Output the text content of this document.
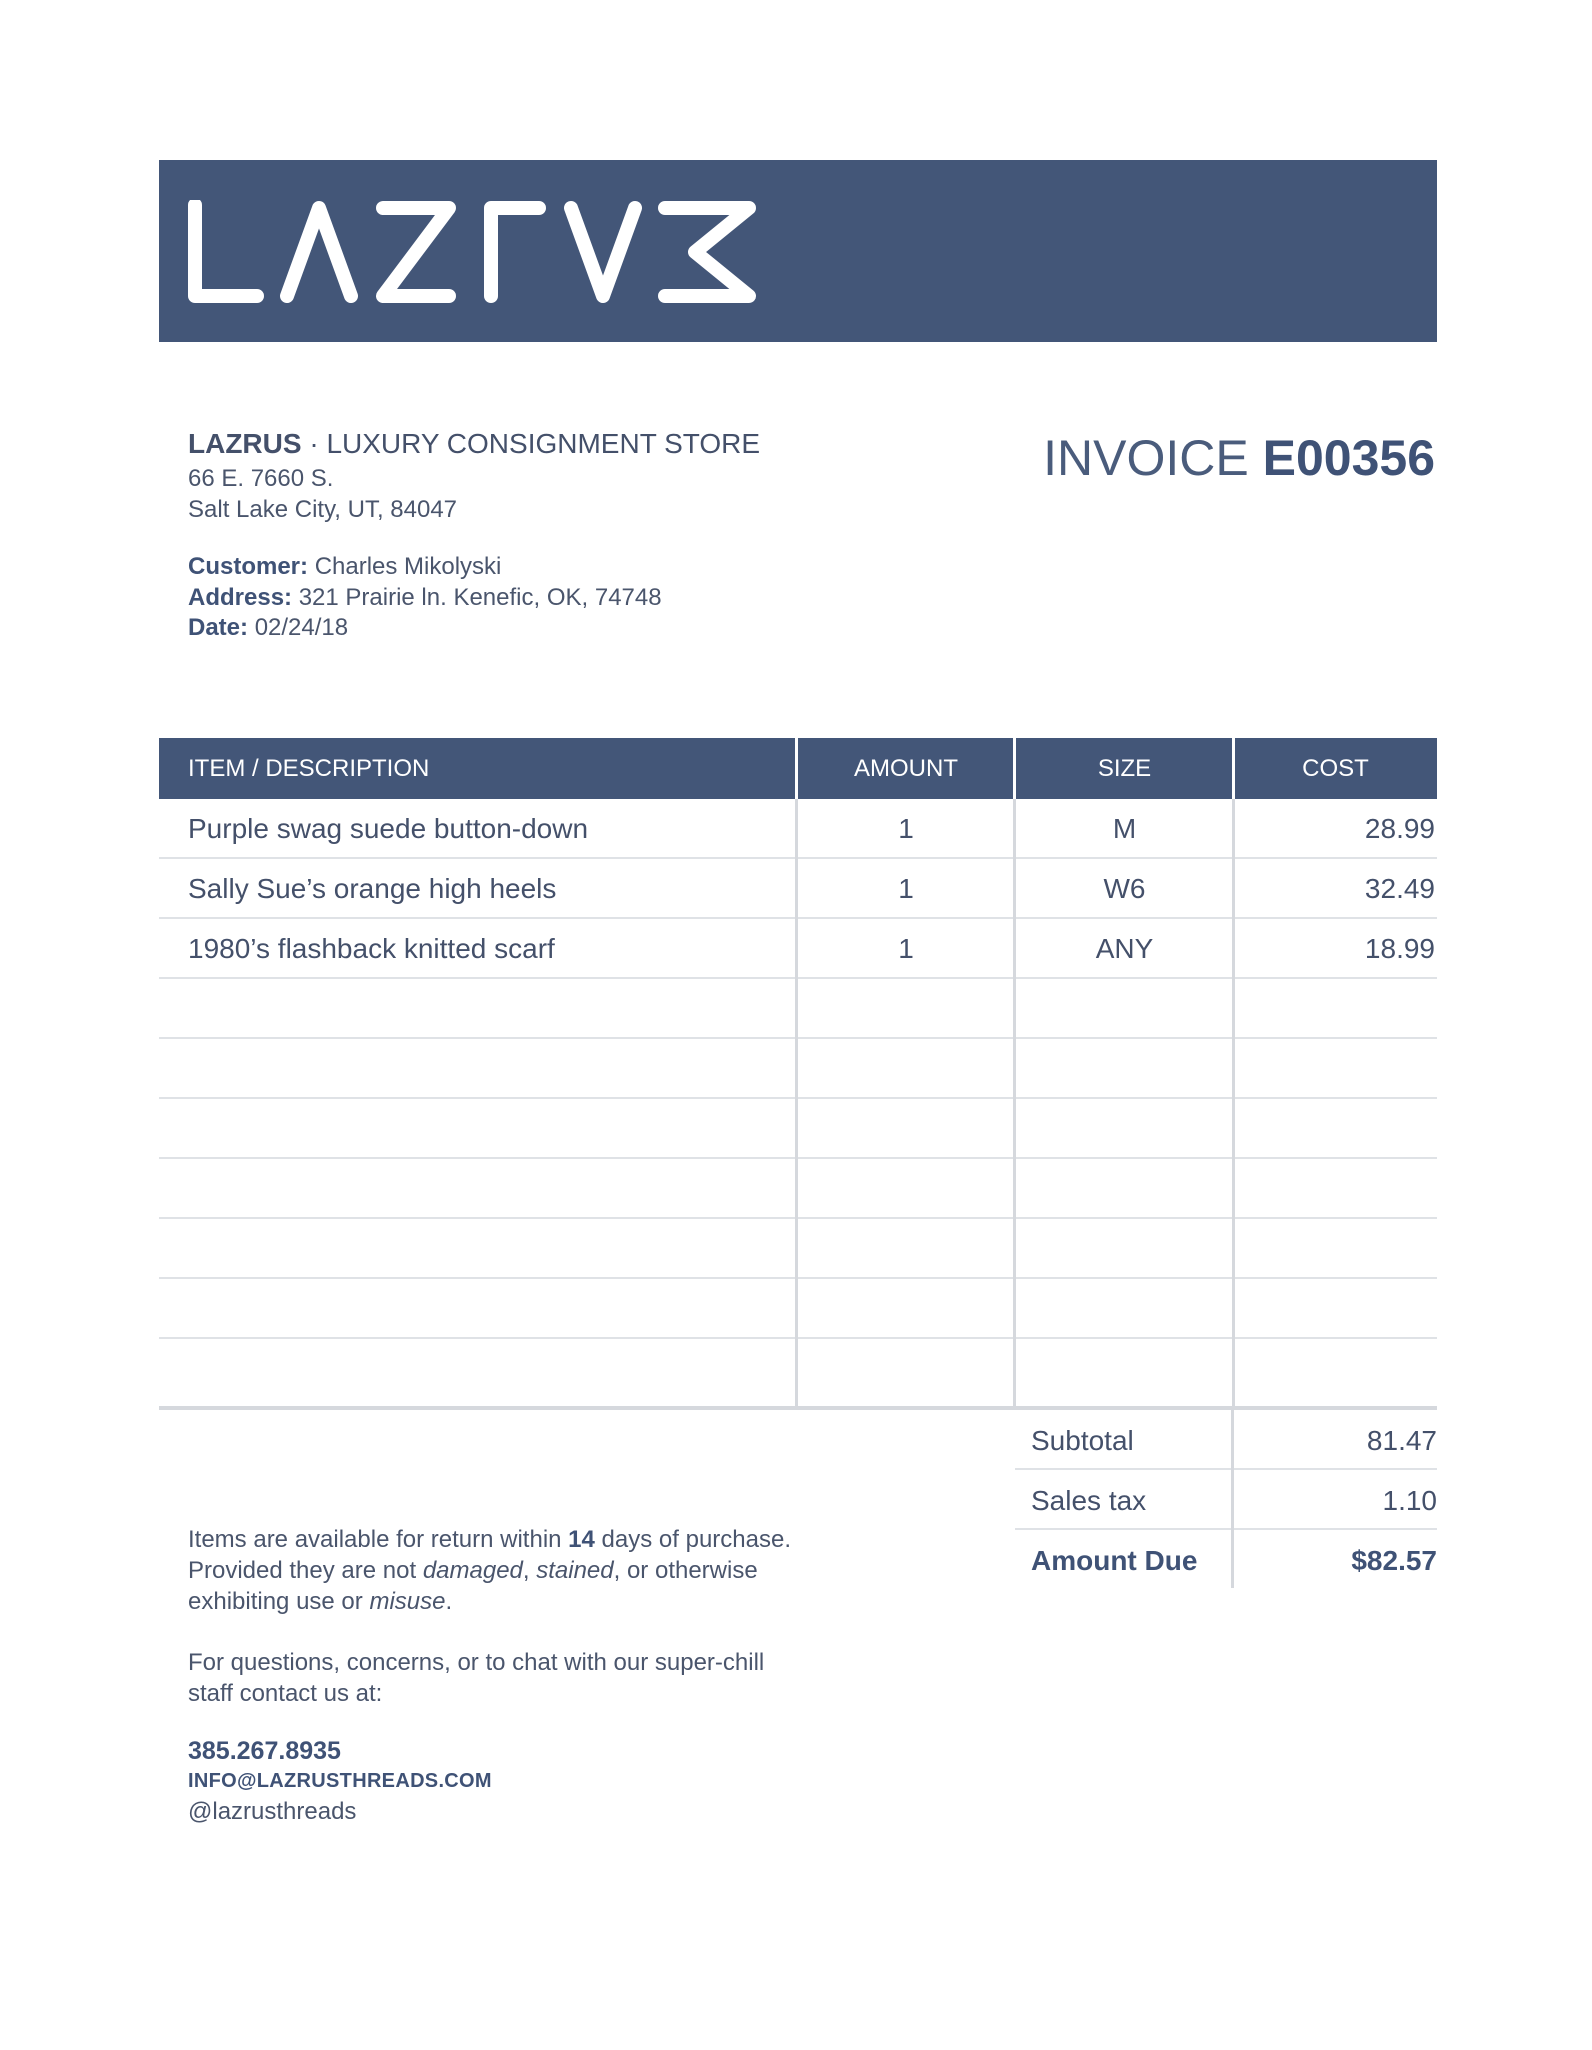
LAZRUS · LUXURY CONSIGNMENT STORE
66 E. 7660 S.
Salt Lake City, UT, 84047
INVOICE E00356
Customer: Charles Mikolyski
Address: 321 Prairie ln. Kenefic, OK, 74748
Date: 02/24/18
ITEM / DESCRIPTION	AMOUNT	SIZE	COST
Purple swag suede button-down	1	M	28.99
Sally Sue’s orange high heels	1	W6	32.49
1980’s flashback knitted scarf	1	ANY	18.99
Subtotal	81.47
Sales tax	1.10
Amount Due	$82.57

Items are available for return within 14 days of purchase.

Provided they are not damaged, stained, or otherwise

exhibiting use or misuse.

For questions, concerns, or to chat with our super-chill

staff contact us at:

385.267.8935
INFO@LAZRUSTHREADS.COM
@lazrusthreads
